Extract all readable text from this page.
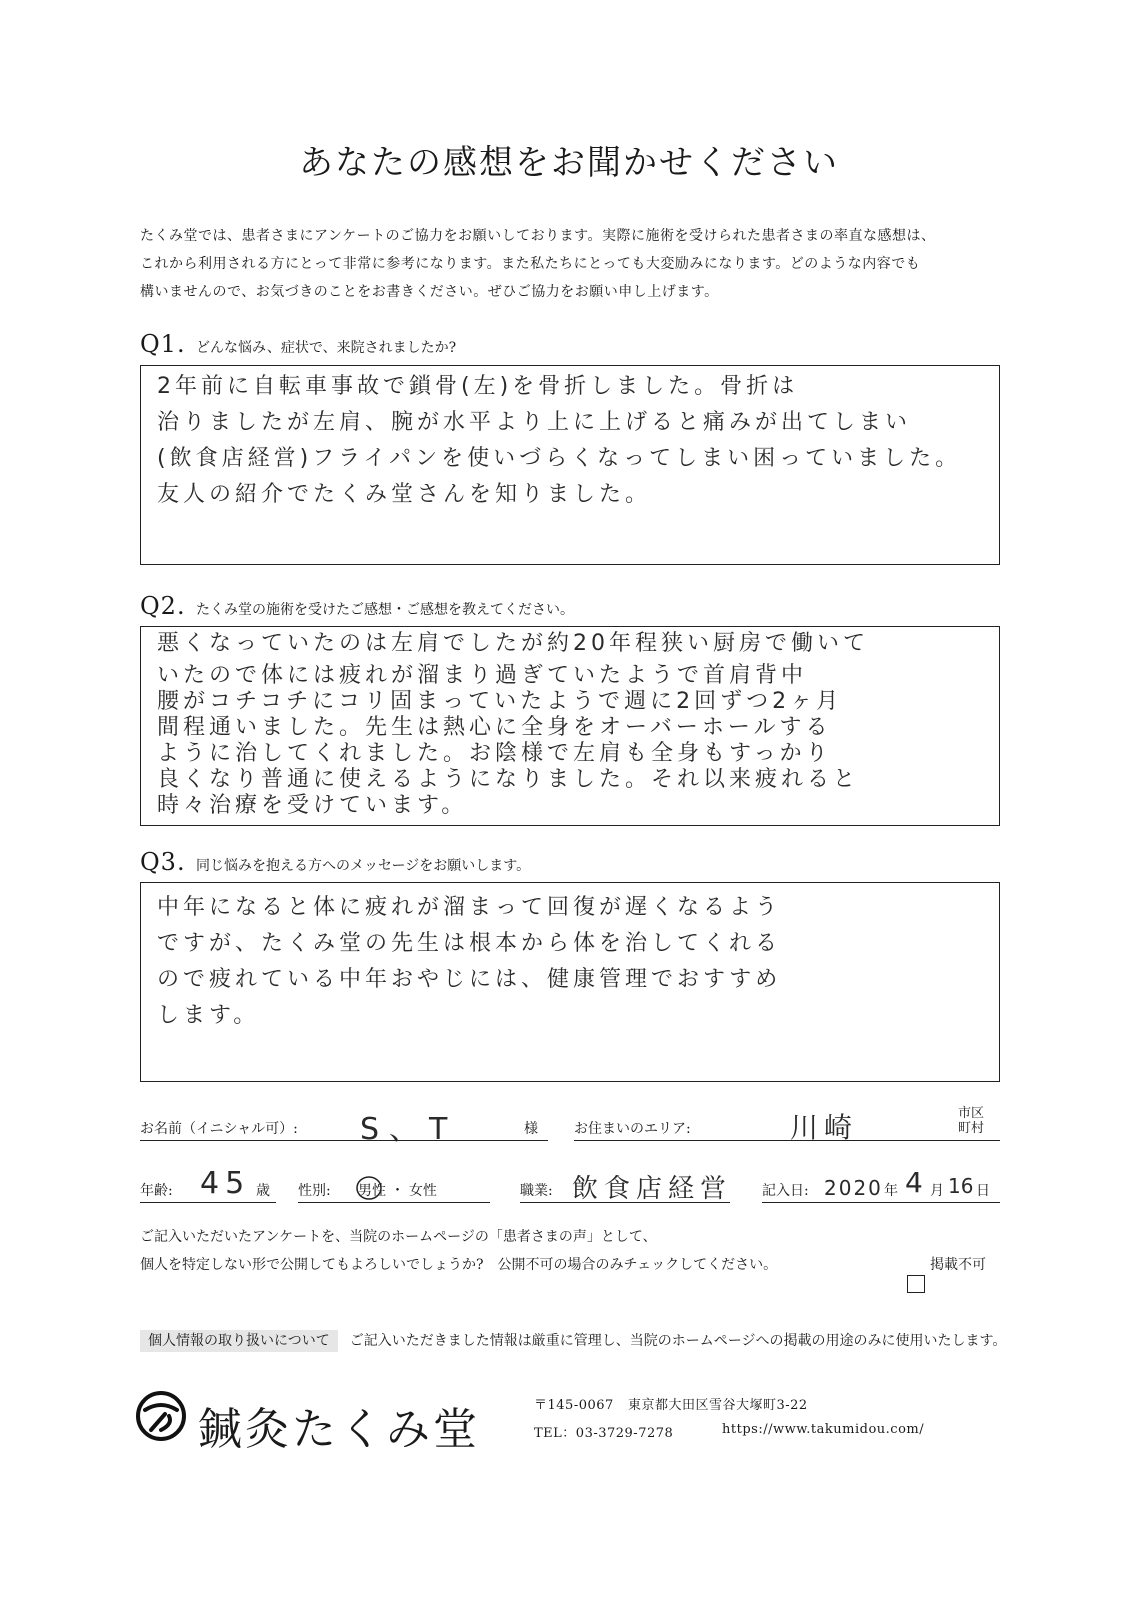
あなたの感想をお聞かせください
たくみ堂では、患者さまにアンケートのご協力をお願いしております。実際に施術を受けられた患者さまの率直な感想は、
これから利用される方にとって非常に参考になります。また私たちにとっても大変励みになります。どのような内容でも
構いませんので、お気づきのことをお書きください。ぜひご協力をお願い申し上げます。
Q1. どんな悩み、症状で、来院されましたか?
2年前に自転車事故で鎖骨(左)を骨折しました。骨折は
治りましたが左肩、腕が水平より上に上げると痛みが出てしまい
(飲食店経営)フライパンを使いづらくなってしまい困っていました。
友人の紹介でたくみ堂さんを知りました。
Q2. たくみ堂の施術を受けたご感想・ご感想を教えてください。
悪くなっていたのは左肩でしたが約20年程狭い厨房で働いて
いたので体には疲れが溜まり過ぎていたようで首肩背中
腰がコチコチにコリ固まっていたようで週に2回ずつ2ヶ月
間程通いました。先生は熱心に全身をオーバーホールする
ように治してくれました。お陰様で左肩も全身もすっかり
良くなり普通に使えるようになりました。それ以来疲れると
時々治療を受けています。
Q3. 同じ悩みを抱える方へのメッセージをお願いします。
中年になると体に疲れが溜まって回復が遅くなるよう
ですが、たくみ堂の先生は根本から体を治してくれる
ので疲れている中年おやじには、健康管理でおすすめ
します。
お名前（イニシャル可）: S、T	様	お住まいのエリア:	川崎	市区
町村
年齢: 45 歳 性別: 男性 ・ 女性	職業: 飲食店経営 記入日: 2020 年 4 月 16 日
ご記入いただいたアンケートを、当院のホームページの「患者さまの声」として、
個人を特定しない形で公開してもよろしいでしょうか?　公開不可の場合のみチェックしてください。	掲載不可
個人情報の取り扱いについて ご記入いただきました情報は厳重に管理し、当院のホームページへの掲載の用途のみに使用いたします。
鍼灸たくみ堂	〒145-0067 東京都大田区雪谷大塚町3-22
TEL：03-3729-7278	https://www.takumidou.com/
